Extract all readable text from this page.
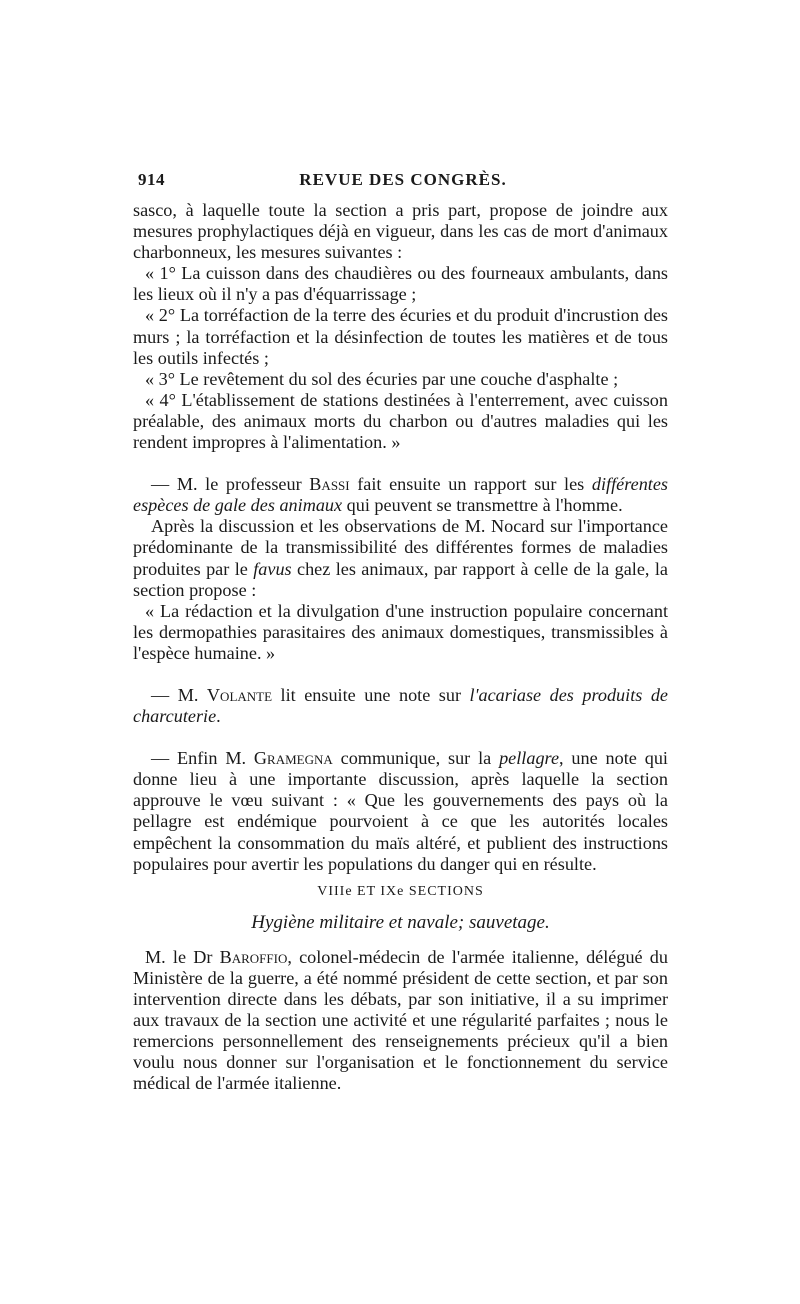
914	REVUE DES CONGRÈS.

sasco, à laquelle toute la section a pris part, propose de joindre aux mesures prophylactiques déjà en vigueur, dans les cas de mort d'animaux charbonneux, les mesures suivantes :

« 1° La cuisson dans des chaudières ou des fourneaux ambulants, dans les lieux où il n'y a pas d'équarrissage ;

« 2° La torréfaction de la terre des écuries et du produit d'incrustion des murs ; la torréfaction et la désinfection de toutes les matières et de tous les outils infectés ;

« 3° Le revêtement du sol des écuries par une couche d'asphalte ;

« 4° L'établissement de stations destinées à l'enterrement, avec cuisson préalable, des animaux morts du charbon ou d'autres maladies qui les rendent impropres à l'alimentation. »

— M. le professeur Bassi fait ensuite un rapport sur les différentes espèces de gale des animaux qui peuvent se transmettre à l'homme.

Après la discussion et les observations de M. Nocard sur l'importance prédominante de la transmissibilité des différentes formes de maladies produites par le favus chez les animaux, par rapport à celle de la gale, la section propose :

« La rédaction et la divulgation d'une instruction populaire concernant les dermopathies parasitaires des animaux domestiques, transmissibles à l'espèce humaine. »

— M. Volante lit ensuite une note sur l'acariase des produits de charcuterie.

— Enfin M. Gramegna communique, sur la pellagre, une note qui donne lieu à une importante discussion, après laquelle la section approuve le vœu suivant : « Que les gouvernements des pays où la pellagre est endémique pourvoient à ce que les autorités locales empêchent la consommation du maïs altéré, et publient des instructions populaires pour avertir les populations du danger qui en résulte.

VIIIe ET IXe SECTIONS
Hygiène militaire et navale; sauvetage.

M. le Dr Baroffio, colonel-médecin de l'armée italienne, délégué du Ministère de la guerre, a été nommé président de cette section, et par son intervention directe dans les débats, par son initiative, il a su imprimer aux travaux de la section une activité et une régularité parfaites ; nous le remercions personnellement des renseignements précieux qu'il a bien voulu nous donner sur l'organisation et le fonctionnement du service médical de l'armée italienne.
